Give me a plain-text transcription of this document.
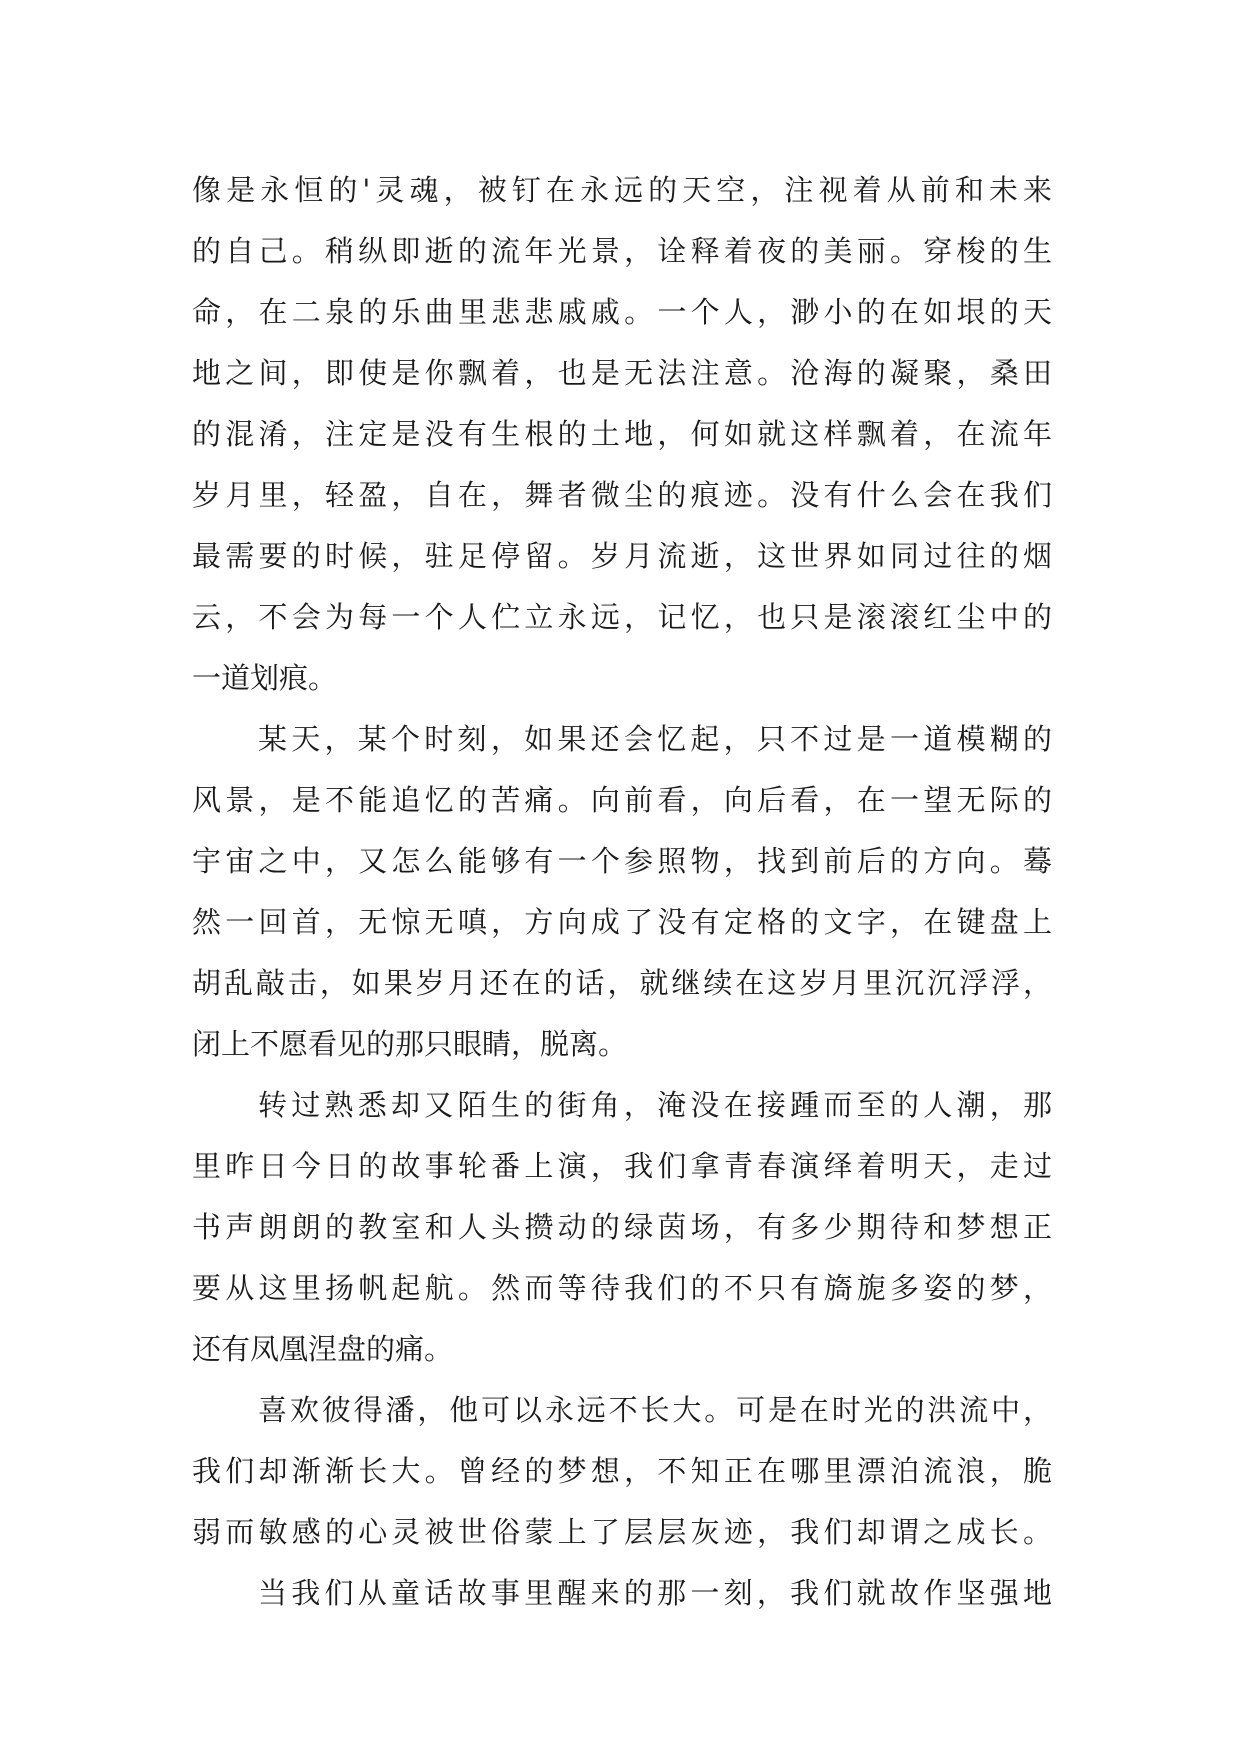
像是永恒的'灵魂，被钉在永远的天空，注视着从前和未来
的自己。稍纵即逝的流年光景，诠释着夜的美丽。穿梭的生
命，在二泉的乐曲里悲悲戚戚。一个人，渺小的在如垠的天
地之间，即使是你飘着，也是无法注意。沧海的凝聚，桑田
的混淆，注定是没有生根的土地，何如就这样飘着，在流年
岁月里，轻盈，自在，舞者微尘的痕迹。没有什么会在我们
最需要的时候，驻足停留。岁月流逝，这世界如同过往的烟
云，不会为每一个人伫立永远，记忆，也只是滚滚红尘中的
一道划痕。
某天，某个时刻，如果还会忆起，只不过是一道模糊的
风景，是不能追忆的苦痛。向前看，向后看，在一望无际的
宇宙之中，又怎么能够有一个参照物，找到前后的方向。蓦
然一回首，无惊无嗔，方向成了没有定格的文字，在键盘上
胡乱敲击，如果岁月还在的话，就继续在这岁月里沉沉浮浮，
闭上不愿看见的那只眼睛，脱离。
转过熟悉却又陌生的街角，淹没在接踵而至的人潮，那
里昨日今日的故事轮番上演，我们拿青春演绎着明天，走过
书声朗朗的教室和人头攒动的绿茵场，有多少期待和梦想正
要从这里扬帆起航。然而等待我们的不只有旖旎多姿的梦，
还有凤凰涅盘的痛。
喜欢彼得潘，他可以永远不长大。可是在时光的洪流中，
我们却渐渐长大。曾经的梦想，不知正在哪里漂泊流浪，脆
弱而敏感的心灵被世俗蒙上了层层灰迹，我们却谓之成长。
当我们从童话故事里醒来的那一刻，我们就故作坚强地
